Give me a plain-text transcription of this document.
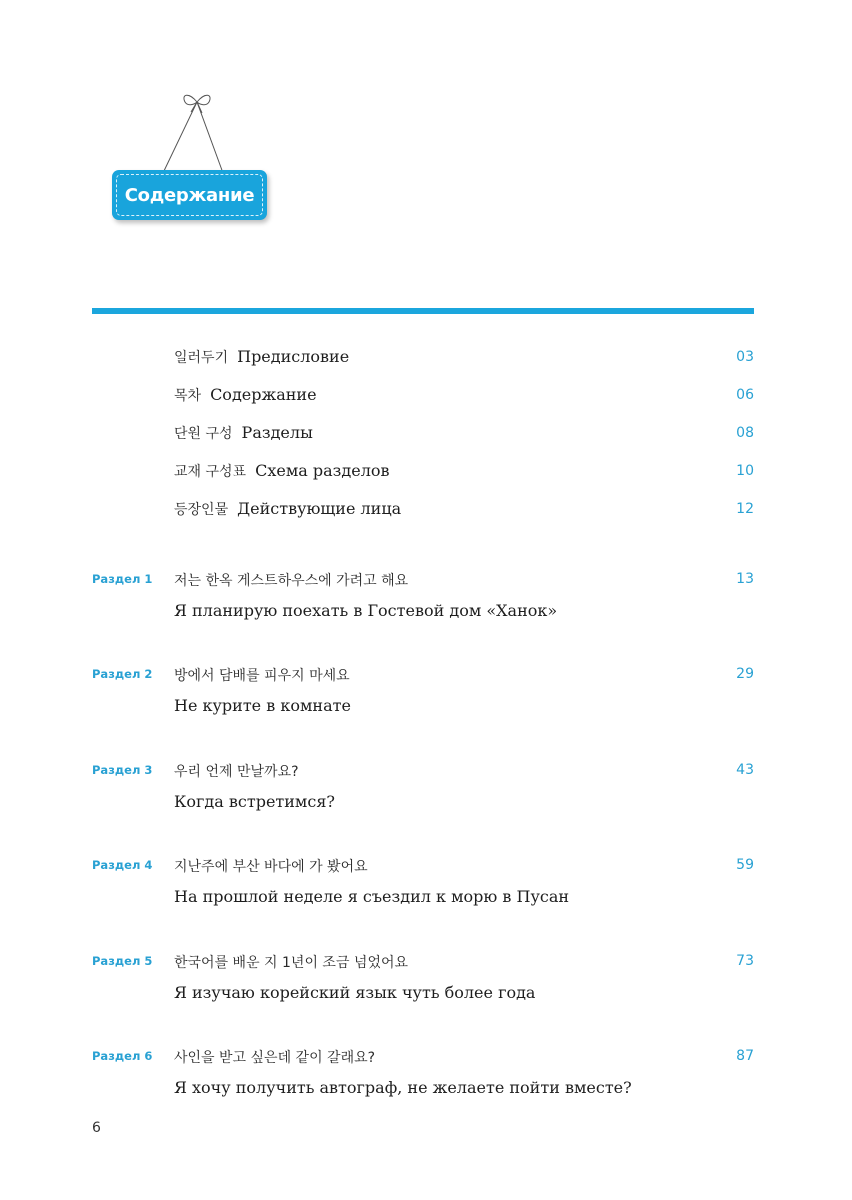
Содержание
일러두기 Предисловие	03
목차 Содержание	06
단원 구성 Разделы	08
교재 구성표 Схема разделов	10
등장인물 Действующие лица	12
Раздел 1 저는 한옥 게스트하우스에 가려고 해요
Я планирую поехать в Гостевой дом «Ханок»
13
Раздел 2 방에서 담배를 피우지 마세요
Не курите в комнате
29
Раздел 3 우리 언제 만날까요?
Когда встретимся?
43
Раздел 4 지난주에 부산 바다에 가 봤어요
На прошлой неделе я съездил к морю в Пусан
59
Раздел 5 한국어를 배운 지 1년이 조금 넘었어요
Я изучаю корейский язык чуть более года
73
Раздел 6 사인을 받고 싶은데 같이 갈래요?
Я хочу получить автограф, не желаете пойти вместе?
87
6
